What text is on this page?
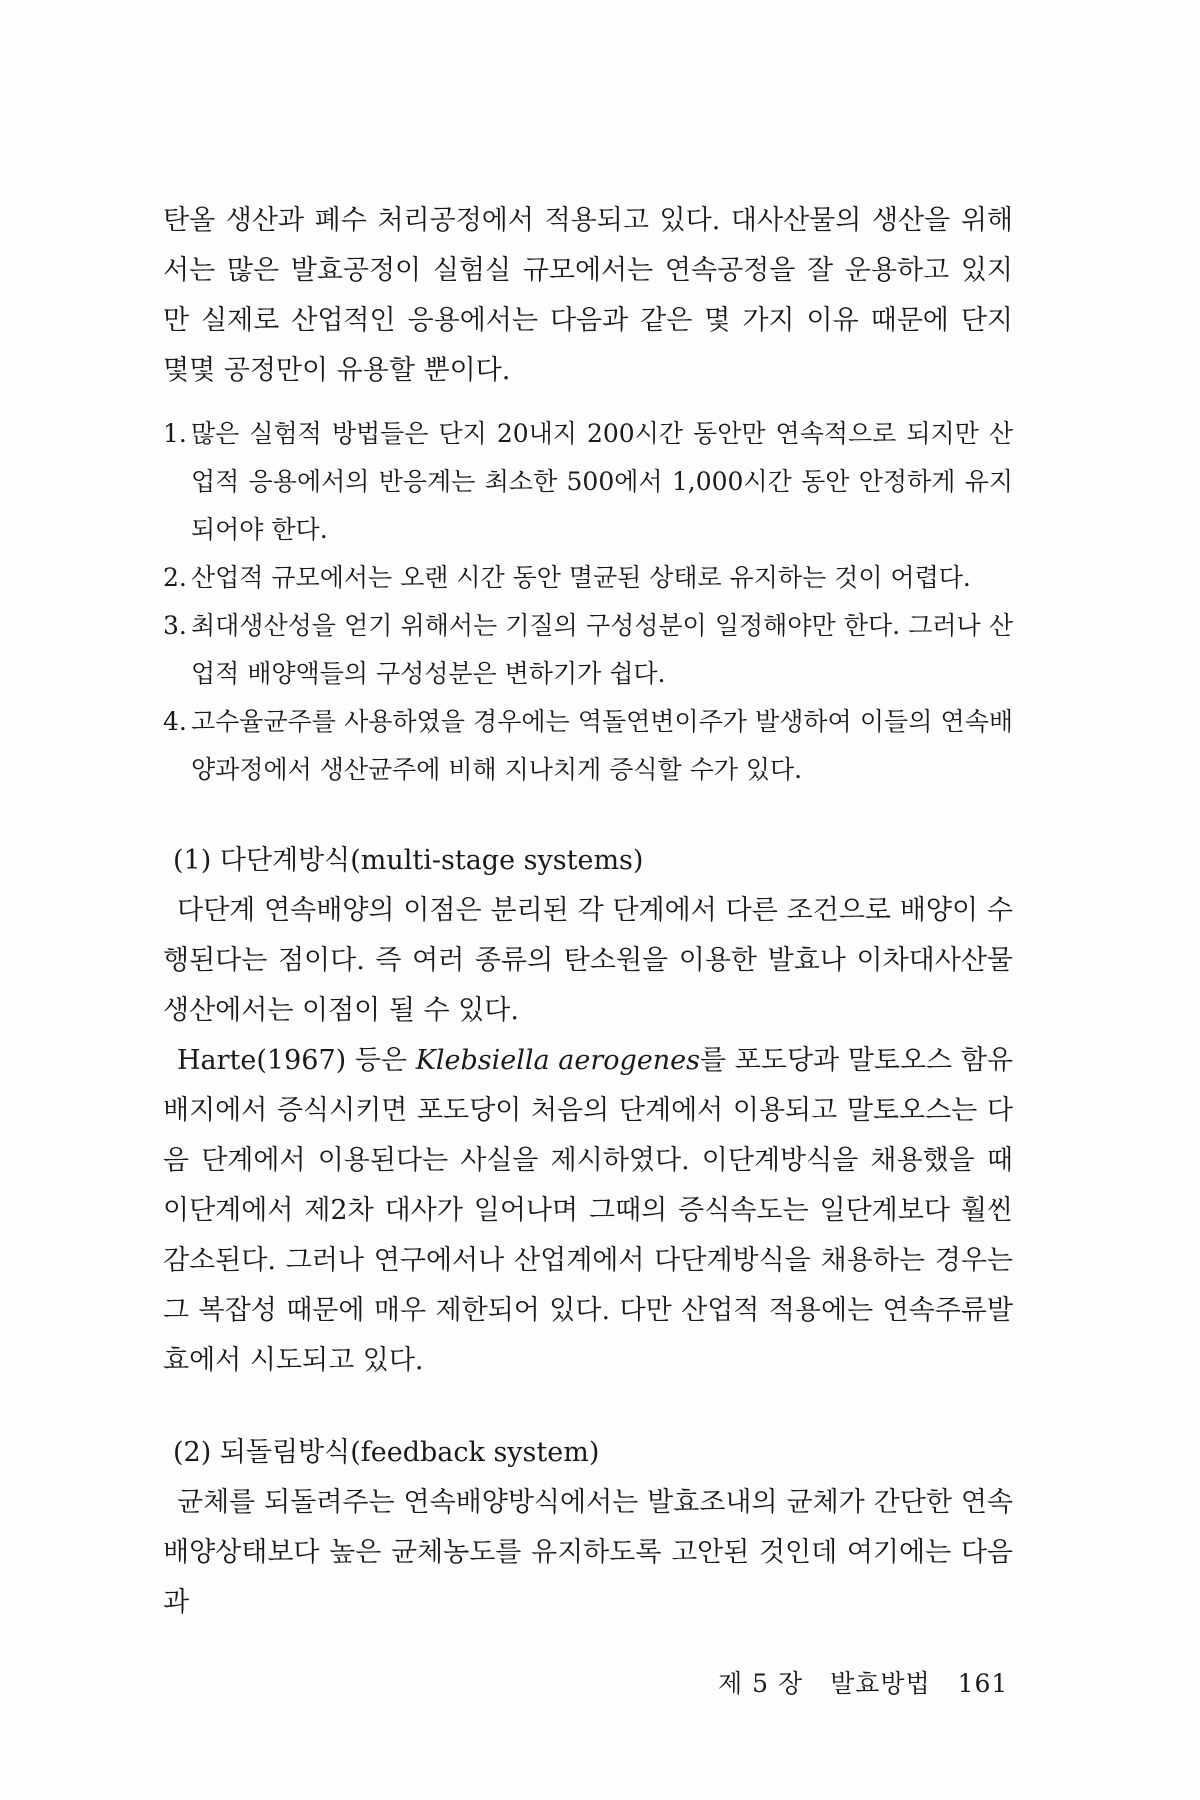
탄올 생산과 폐수 처리공정에서 적용되고 있다. 대사산물의 생산을 위해서는 많은 발효공정이 실험실 규모에서는 연속공정을 잘 운용하고 있지만 실제로 산업적인 응용에서는 다음과 같은 몇 가지 이유 때문에 단지 몇몇 공정만이 유용할 뿐이다.

1. 많은 실험적 방법들은 단지 20내지 200시간 동안만 연속적으로 되지만 산업적 응용에서의 반응계는 최소한 500에서 1,000시간 동안 안정하게 유지되어야 한다.
2. 산업적 규모에서는 오랜 시간 동안 멸균된 상태로 유지하는 것이 어렵다.
3. 최대생산성을 얻기 위해서는 기질의 구성성분이 일정해야만 한다. 그러나 산업적 배양액들의 구성성분은 변하기가 쉽다.
4. 고수율균주를 사용하였을 경우에는 역돌연변이주가 발생하여 이들의 연속배양과정에서 생산균주에 비해 지나치게 증식할 수가 있다.
(1) 다단계방식(multi-stage systems)

다단계 연속배양의 이점은 분리된 각 단계에서 다른 조건으로 배양이 수행된다는 점이다. 즉 여러 종류의 탄소원을 이용한 발효나 이차대사산물 생산에서는 이점이 될 수 있다.

Harte(1967) 등은 Klebsiella aerogenes를 포도당과 말토오스 함유배지에서 증식시키면 포도당이 처음의 단계에서 이용되고 말토오스는 다음 단계에서 이용된다는 사실을 제시하였다. 이단계방식을 채용했을 때 이단계에서 제2차 대사가 일어나며 그때의 증식속도는 일단계보다 훨씬 감소된다. 그러나 연구에서나 산업계에서 다단계방식을 채용하는 경우는 그 복잡성 때문에 매우 제한되어 있다. 다만 산업적 적용에는 연속주류발효에서 시도되고 있다.

(2) 되돌림방식(feedback system)

균체를 되돌려주는 연속배양방식에서는 발효조내의 균체가 간단한 연속배양상태보다 높은 균체농도를 유지하도록 고안된 것인데 여기에는 다음과

제 5 장 발효방법 161
